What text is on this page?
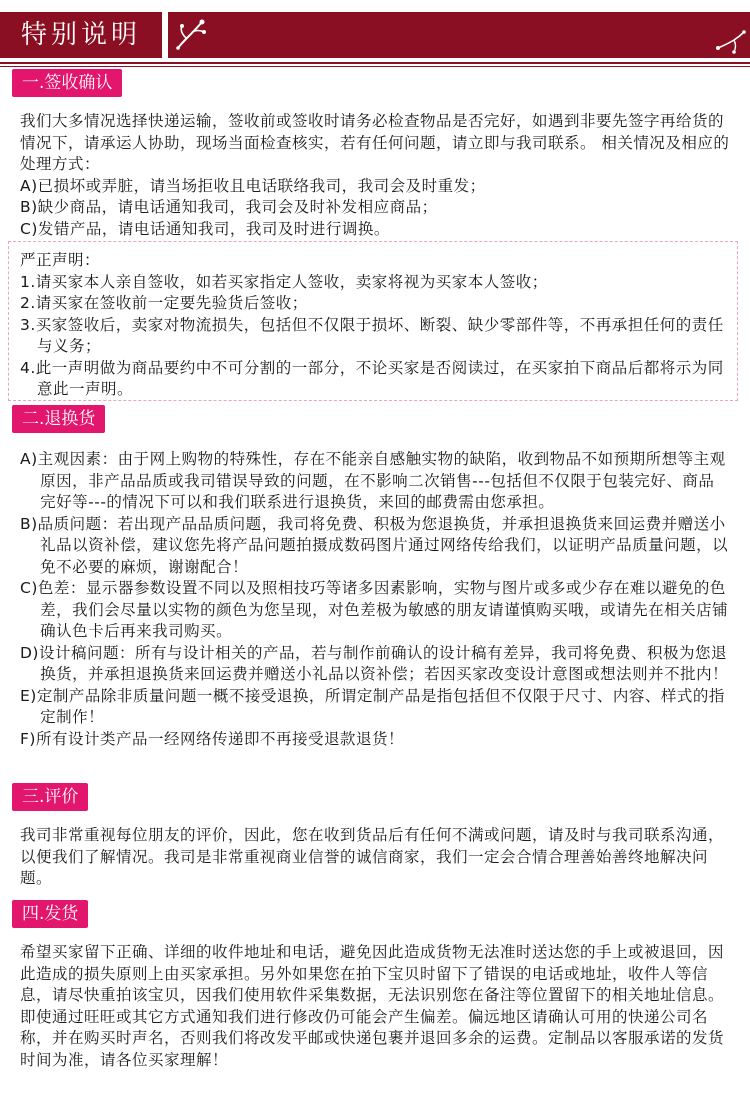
特别说明
一.签收确认

我们大多情况选择快递运输，签收前或签收时请务必检查物品是否完好，如遇到非要先签字再给货的情况下，请承运人协助，现场当面检查核实，若有任何问题，请立即与我司联系。 相关情况及相应的处理方式：

A)已损坏或弄脏，请当场拒收且电话联络我司，我司会及时重发；

B)缺少商品，请电话通知我司，我司会及时补发相应商品；

C)发错产品，请电话通知我司，我司及时进行调换。

严正声明：

1.请买家本人亲自签收，如若买家指定人签收，卖家将视为买家本人签收；

2.请买家在签收前一定要先验货后签收；

3.买家签收后，卖家对物流损失，包括但不仅限于损坏、断裂、缺少零部件等，不再承担任何的责任与义务；

4.此一声明做为商品要约中不可分割的一部分，不论买家是否阅读过，在买家拍下商品后都将示为同意此一声明。

二.退换货

A)主观因素：由于网上购物的特殊性，存在不能亲自感触实物的缺陷，收到物品不如预期所想等主观原因，非产品品质或我司错误导致的问题，在不影响二次销售---包括但不仅限于包装完好、商品完好等---的情况下可以和我们联系进行退换货，来回的邮费需由您承担。

B)品质问题：若出现产品品质问题，我司将免费、积极为您退换货，并承担退换货来回运费并赠送小礼品以资补偿，建议您先将产品问题拍摄成数码图片通过网络传给我们，以证明产品质量问题，以免不必要的麻烦，谢谢配合！

C)色差：显示器参数设置不同以及照相技巧等诸多因素影响，实物与图片或多或少存在难以避免的色差，我们会尽量以实物的颜色为您呈现，对色差极为敏感的朋友请谨慎购买哦，或请先在相关店铺确认色卡后再来我司购买。

D)设计稿问题：所有与设计相关的产品，若与制作前确认的设计稿有差异，我司将免费、积极为您退换货，并承担退换货来回运费并赠送小礼品以资补偿；若因买家改变设计意图或想法则并不批内！

E)定制产品除非质量问题一概不接受退换，所谓定制产品是指包括但不仅限于尺寸、内容、样式的指定制作！

F)所有设计类产品一经网络传递即不再接受退款退货！

三.评价

我司非常重视每位朋友的评价，因此，您在收到货品后有任何不满或问题，请及时与我司联系沟通，以便我们了解情况。我司是非常重视商业信誉的诚信商家，我们一定会合情合理善始善终地解决问题。

四.发货

希望买家留下正确、详细的收件地址和电话，避免因此造成货物无法准时送达您的手上或被退回，因此造成的损失原则上由买家承担。另外如果您在拍下宝贝时留下了错误的电话或地址，收件人等信息，请尽快重拍该宝贝，因我们使用软件采集数据，无法识别您在备注等位置留下的相关地址信息。即使通过旺旺或其它方式通知我们进行修改仍可能会产生偏差。偏远地区请确认可用的快递公司名称，并在购买时声名，否则我们将改发平邮或快递包裹并退回多余的运费。定制品以客服承诺的发货时间为准，请各位买家理解！
